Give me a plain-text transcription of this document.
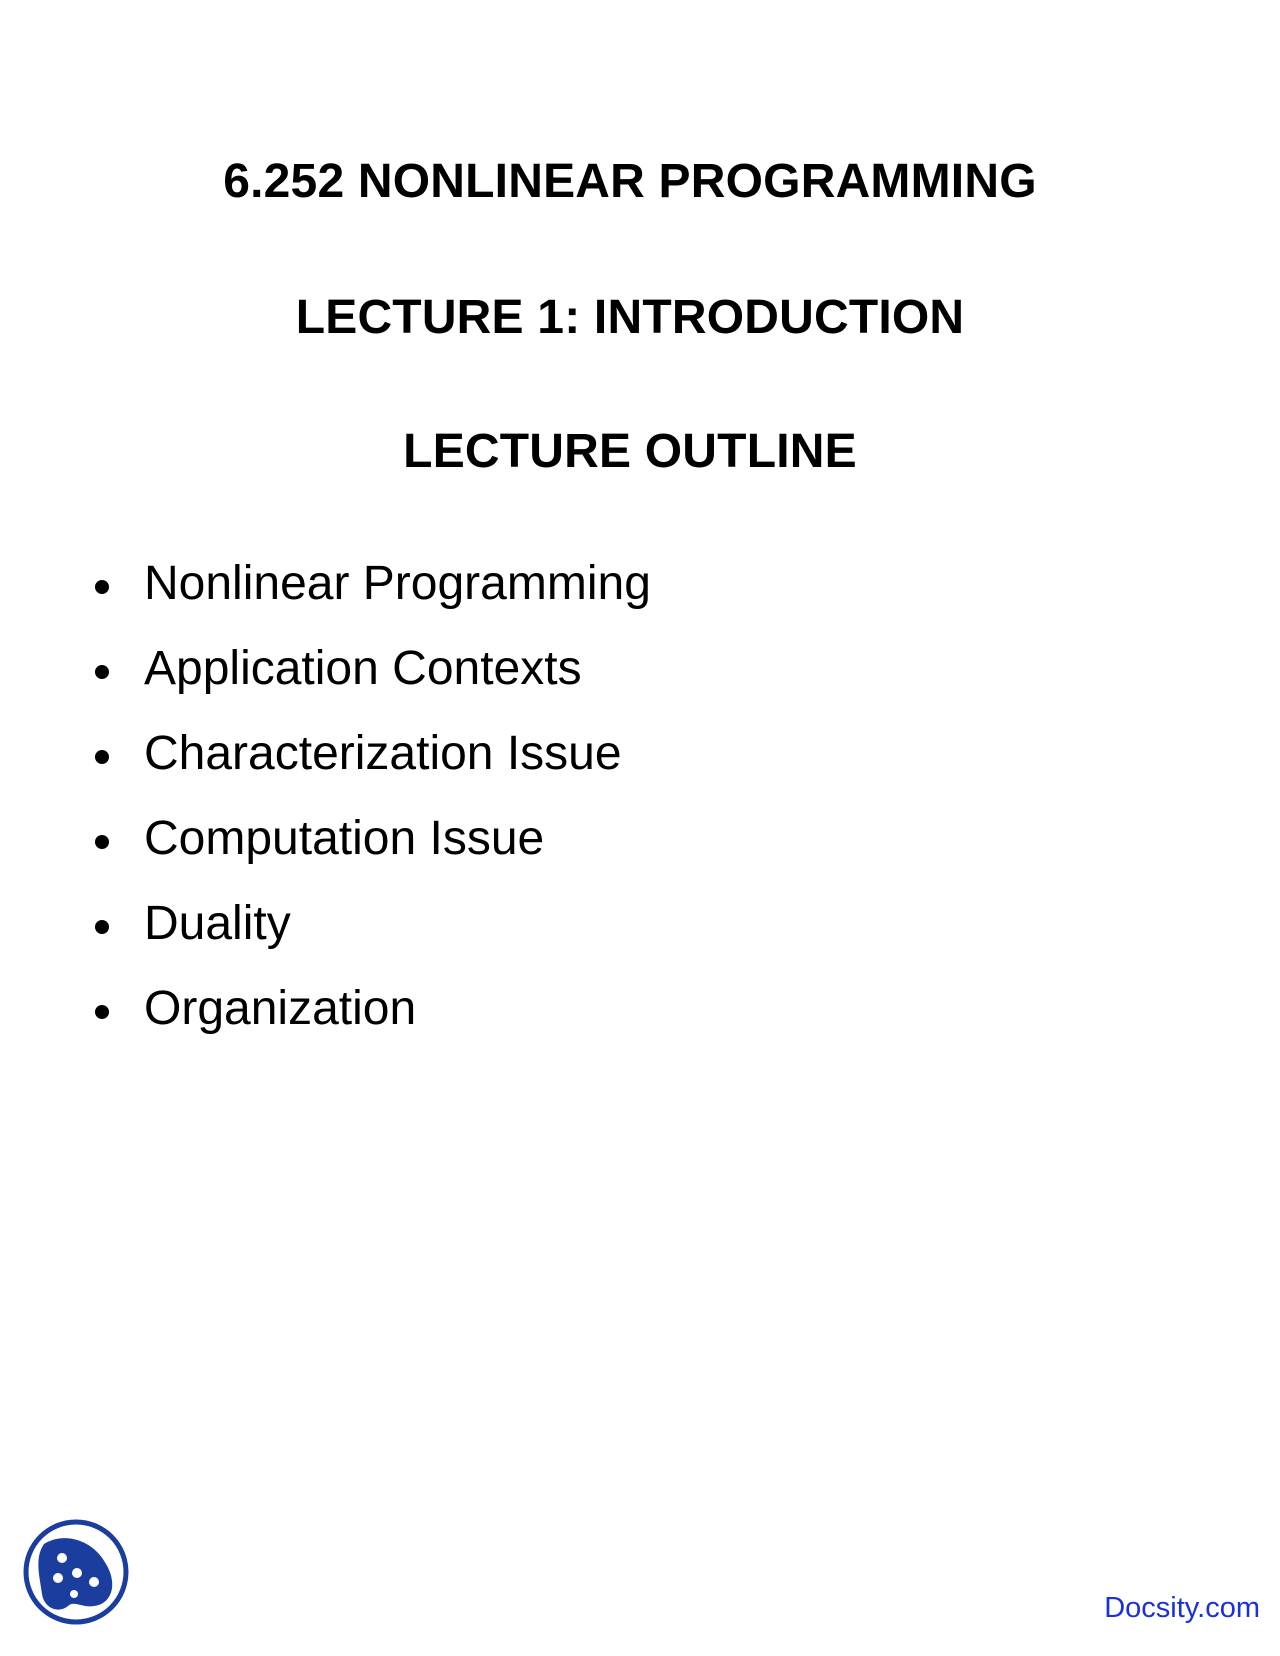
6.252 NONLINEAR PROGRAMMING
LECTURE 1: INTRODUCTION
LECTURE OUTLINE
Nonlinear Programming
Application Contexts
Characterization Issue
Computation Issue
Duality
Organization
Docsity.com
